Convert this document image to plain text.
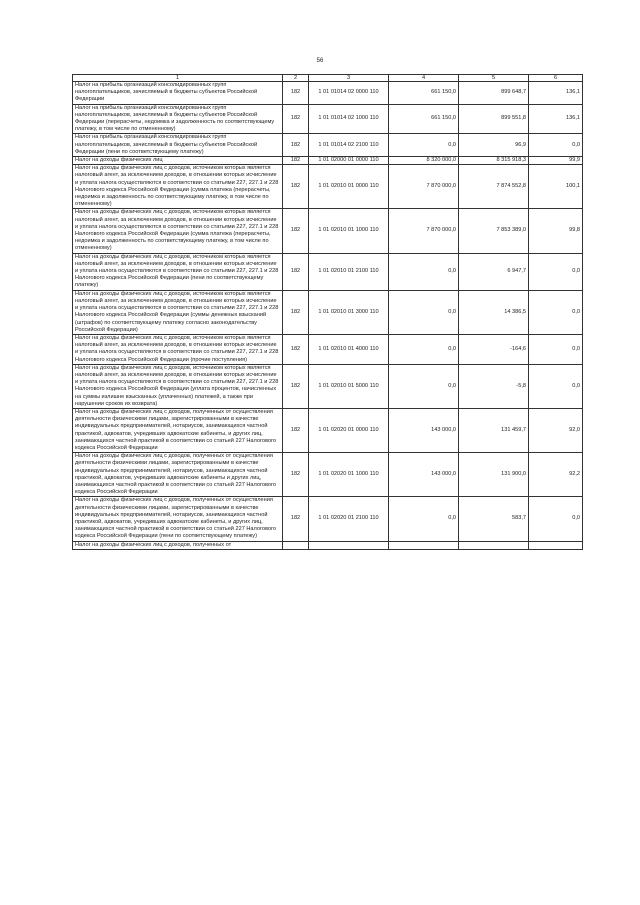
56
1	2	3	4	5	6
Налог на прибыль организаций консолидированных групп налогоплательщиков, зачисляемый в бюджеты субъектов Российской Федерации	182	1 01 01014 02 0000 110	661 150,0	899 648,7	136,1
Налог на прибыль организаций консолидированных групп налогоплательщиков, зачисляемый в бюджеты субъектов Российской Федерации (перерасчеты, недоимка и задолженность по соответствующему платежу, в том числе по отмененному)	182	1 01 01014 02 1000 110	661 150,0	899 551,8	136,1
Налог на прибыль организаций консолидированных групп налогоплательщиков, зачисляемый в бюджеты субъектов Российской Федерации (пени по соответствующему платежу)	182	1 01 01014 02 2100 110	0,0	96,9	0,0
Налог на доходы физических лиц	182	1 01 02000 01 0000 110	8 320 000,0	8 315 918,3	99,9
Налог на доходы физических лиц с доходов, источником которых является налоговый агент, за исключением доходов, в отношении которых исчисление и уплата налога осуществляются в соответствии со статьями 227, 227.1 и 228 Налогового кодекса Российской Федерации (сумма платежа (перерасчеты, недоимка и задолженность по соответствующему платежу, в том числе по отмененному)	182	1 01 02010 01 0000 110	7 870 000,0	7 874 552,8	100,1
Налог на доходы физических лиц с доходов, источником которых является налоговый агент, за исключением доходов, в отношении которых исчисление и уплата налога осуществляются в соответствии со статьями 227, 227.1 и 228 Налогового кодекса Российской Федерации (сумма платежа (перерасчеты, недоимка и задолженность по соответствующему платежу, в том числе по отмененному)	182	1 01 02010 01 1000 110	7 870 000,0	7 853 389,0	99,8
Налог на доходы физических лиц с доходов, источником которых является налоговый агент, за исключением доходов, в отношении которых исчисление и уплата налога осуществляются в соответствии со статьями 227, 227.1 и 228 Налогового кодекса Российской Федерации (пени по соответствующему платежу)	182	1 01 02010 01 2100 110	0,0	6 947,7	0,0
Налог на доходы физических лиц с доходов, источником которых является налоговый агент, за исключением доходов, в отношении которых исчисление и уплата налога осуществляются в соответствии со статьями 227, 227.1 и 228 Налогового кодекса Российской Федерации (суммы денежных взысканий (штрафов) по соответствующему платежу согласно законодательству Российской Федерации)	182	1 01 02010 01 3000 110	0,0	14 386,5	0,0
Налог на доходы физических лиц с доходов, источником которых является налоговый агент, за исключением доходов, в отношении которых исчисление и уплата налога осуществляются в соответствии со статьями 227, 227.1 и 228 Налогового кодекса Российской Федерации (прочие поступления)	182	1 01 02010 01 4000 110	0,0	-164,6	0,0
Налог на доходы физических лиц с доходов, источником которых является налоговый агент, за исключением доходов, в отношении которых исчисление и уплата налога осуществляются в соответствии со статьями 227, 227.1 и 228 Налогового кодекса Российской Федерации (уплата процентов, начисленных на суммы излишне взысканных (уплаченных) платежей, а также при нарушении сроков их возврата)	182	1 01 02010 01 5000 110	0,0	-5,8	0,0
Налог на доходы физических лиц с доходов, полученных от осуществления деятельности физическими лицами, зарегистрированными в качестве индивидуальных предпринимателей, нотариусов, занимающихся частной практикой, адвокатов, учредивших адвокатские кабинеты, и других лиц, занимающихся частной практикой в соответствии со статьей 227 Налогового кодекса Российской Федерации	182	1 01 02020 01 0000 110	143 000,0	131 459,7	92,0
Налог на доходы физических лиц с доходов, полученных от осуществления деятельности физическими лицами, зарегистрированными в качестве индивидуальных предпринимателей, нотариусов, занимающихся частной практикой, адвокатов, учредивших адвокатские кабинеты и других лиц, занимающихся частной практикой в соответствии со статьей 227 Налогового кодекса Российской Федерации	182	1 01 02020 01 1000 110	143 000,0	131 900,0	92,2
Налог на доходы физических лиц с доходов, полученных от осуществления деятельности физическими лицами, зарегистрированными в качестве индивидуальных предпринимателей, нотариусов, занимающихся частной практикой, адвокатов, учредивших адвокатские кабинеты, и других лиц, занимающихся частной практикой в соответствии со статьей 227 Налогового кодекса Российской Федерации (пени по соответствующему платежу)	182	1 01 02020 01 2100 110	0,0	583,7	0,0
Налог на доходы физических лиц с доходов, полученных от					
